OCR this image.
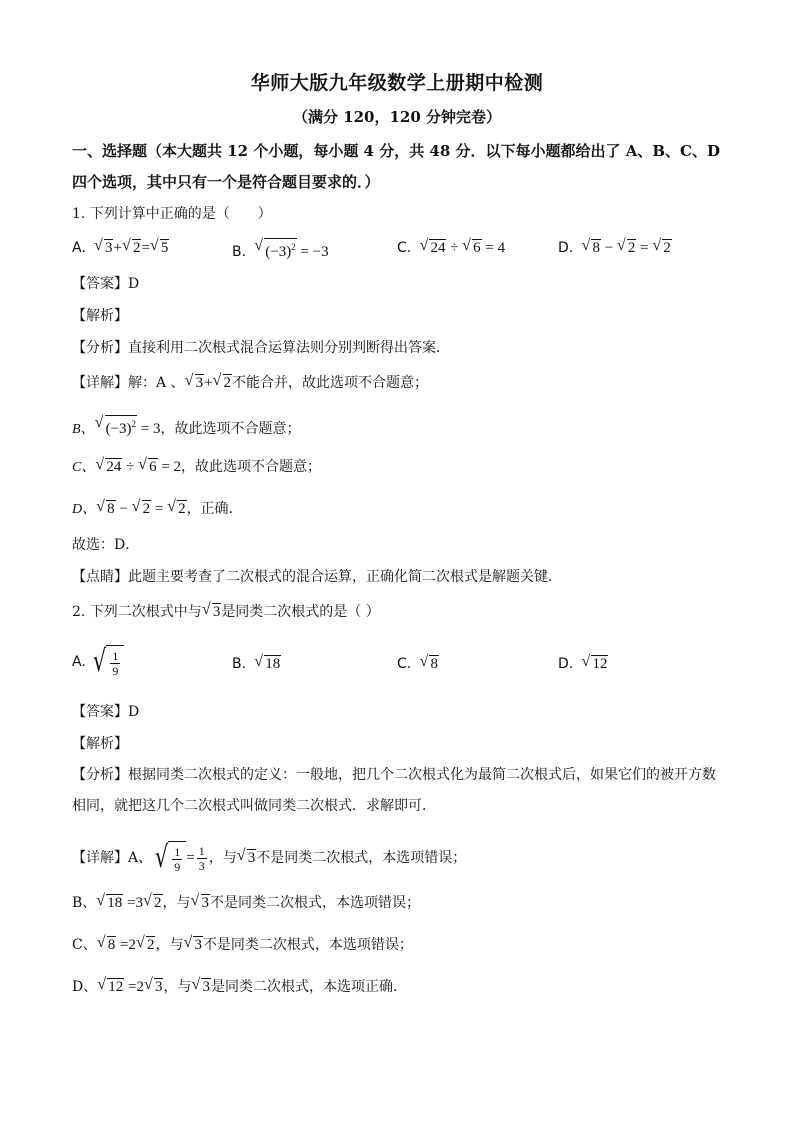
华师大版九年级数学上册期中检测
（满分 120，120 分钟完卷）
一、选择题（本大题共 12 个小题，每小题 4 分，共 48 分．以下每小题都给出了 A、B、C、D
四个选项，其中只有一个是符合题目要求的．）
1. 下列计算中正确的是（　　）
A. √ 3+ √ 2= √ 5	B. √ $(-3)^2 = -3$	C. √ 24 ÷ √ 6 = 4	D. √ 8 − √ 2 = √ 2
【答案】D
【解析】
【分析】直接利用二次根式混合运算法则分别判断得出答案．
【详解】解：A 、 √ 3+ √ 2不能合并，故此选项不合题意；
B、 √ $(-3)^2 = 3$，故此选项不合题意；
C、 √ 24 ÷ √ 6 = 2，故此选项不合题意；
D、 √ 8 − √ 2 = √ 2，正确．
故选：D．
【点睛】此题主要考查了二次根式的混合运算，正确化简二次根式是解题关键．
2. 下列二次根式中与 √ 3是同类二次根式的是（ ）
A. √ $\frac{1}{9}$	B. √ 18	C. √ 8	D. √ 12
【答案】D
【解析】
【分析】根据同类二次根式的定义：一般地，把几个二次根式化为最简二次根式后，如果它们的被开方数
相同，就把这几个二次根式叫做同类二次根式．求解即可．
【详解】A、 √ $\frac{1}{9} = \frac{1}{3}$ ，与 √ 3不是同类二次根式，本选项错误；
B、 √ 18 =3 √ 2，与 √ 3不是同类二次根式，本选项错误；
C、 √ 8 =2 √ 2，与 √ 3不是同类二次根式，本选项错误；
D、 √ 12 =2 √ 3，与 √ 3是同类二次根式，本选项正确．
